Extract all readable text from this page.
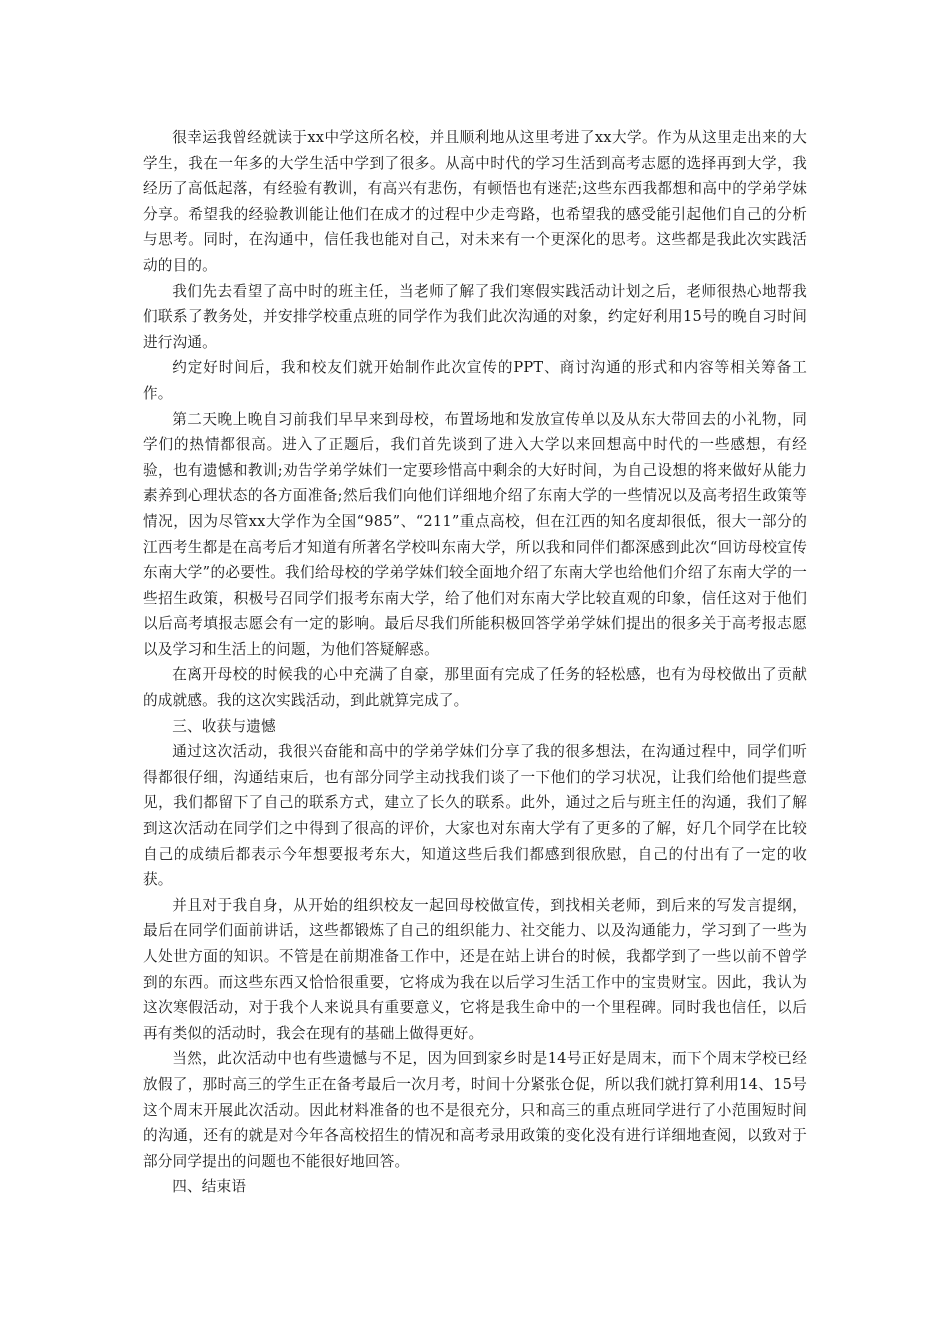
很幸运我曾经就读于xx中学这所名校，并且顺利地从这里考进了xx大学。作为从这里走出来的大学生，我在一年多的大学生活中学到了很多。从高中时代的学习生活到高考志愿的选择再到大学，我经历了高低起落，有经验有教训，有高兴有悲伤，有顿悟也有迷茫;这些东西我都想和高中的学弟学妹分享。希望我的经验教训能让他们在成才的过程中少走弯路，也希望我的感受能引起他们自己的分析与思考。同时，在沟通中，信任我也能对自己，对未来有一个更深化的思考。这些都是我此次实践活动的目的。

我们先去看望了高中时的班主任，当老师了解了我们寒假实践活动计划之后，老师很热心地帮我们联系了教务处，并安排学校重点班的同学作为我们此次沟通的对象，约定好利用15号的晚自习时间进行沟通。

约定好时间后，我和校友们就开始制作此次宣传的PPT、商讨沟通的形式和内容等相关筹备工作。

第二天晚上晚自习前我们早早来到母校，布置场地和发放宣传单以及从东大带回去的小礼物，同学们的热情都很高。进入了正题后，我们首先谈到了进入大学以来回想高中时代的一些感想，有经验，也有遗憾和教训;劝告学弟学妹们一定要珍惜高中剩余的大好时间，为自己设想的将来做好从能力素养到心理状态的各方面准备;然后我们向他们详细地介绍了东南大学的一些情况以及高考招生政策等情况，因为尽管xx大学作为全国“985”、“211”重点高校，但在江西的知名度却很低，很大一部分的江西考生都是在高考后才知道有所著名学校叫东南大学，所以我和同伴们都深感到此次“回访母校宣传东南大学”的必要性。我们给母校的学弟学妹们较全面地介绍了东南大学也给他们介绍了东南大学的一些招生政策，积极号召同学们报考东南大学，给了他们对东南大学比较直观的印象，信任这对于他们以后高考填报志愿会有一定的影响。最后尽我们所能积极回答学弟学妹们提出的很多关于高考报志愿以及学习和生活上的问题，为他们答疑解惑。

在离开母校的时候我的心中充满了自豪，那里面有完成了任务的轻松感，也有为母校做出了贡献的成就感。我的这次实践活动，到此就算完成了。

三、收获与遗憾

通过这次活动，我很兴奋能和高中的学弟学妹们分享了我的很多想法，在沟通过程中，同学们听得都很仔细，沟通结束后，也有部分同学主动找我们谈了一下他们的学习状况，让我们给他们提些意见，我们都留下了自己的联系方式，建立了长久的联系。此外，通过之后与班主任的沟通，我们了解到这次活动在同学们之中得到了很高的评价，大家也对东南大学有了更多的了解，好几个同学在比较自己的成绩后都表示今年想要报考东大，知道这些后我们都感到很欣慰，自己的付出有了一定的收获。

并且对于我自身，从开始的组织校友一起回母校做宣传，到找相关老师，到后来的写发言提纲，最后在同学们面前讲话，这些都锻炼了自己的组织能力、社交能力、以及沟通能力，学习到了一些为人处世方面的知识。不管是在前期准备工作中，还是在站上讲台的时候，我都学到了一些以前不曾学到的东西。而这些东西又恰恰很重要，它将成为我在以后学习生活工作中的宝贵财宝。因此，我认为这次寒假活动，对于我个人来说具有重要意义，它将是我生命中的一个里程碑。同时我也信任，以后再有类似的活动时，我会在现有的基础上做得更好。

当然，此次活动中也有些遗憾与不足，因为回到家乡时是14号正好是周末，而下个周末学校已经放假了，那时高三的学生正在备考最后一次月考，时间十分紧张仓促，所以我们就打算利用14、15号这个周末开展此次活动。因此材料准备的也不是很充分，只和高三的重点班同学进行了小范围短时间的沟通，还有的就是对今年各高校招生的情况和高考录用政策的变化没有进行详细地查阅，以致对于部分同学提出的问题也不能很好地回答。

四、结束语
